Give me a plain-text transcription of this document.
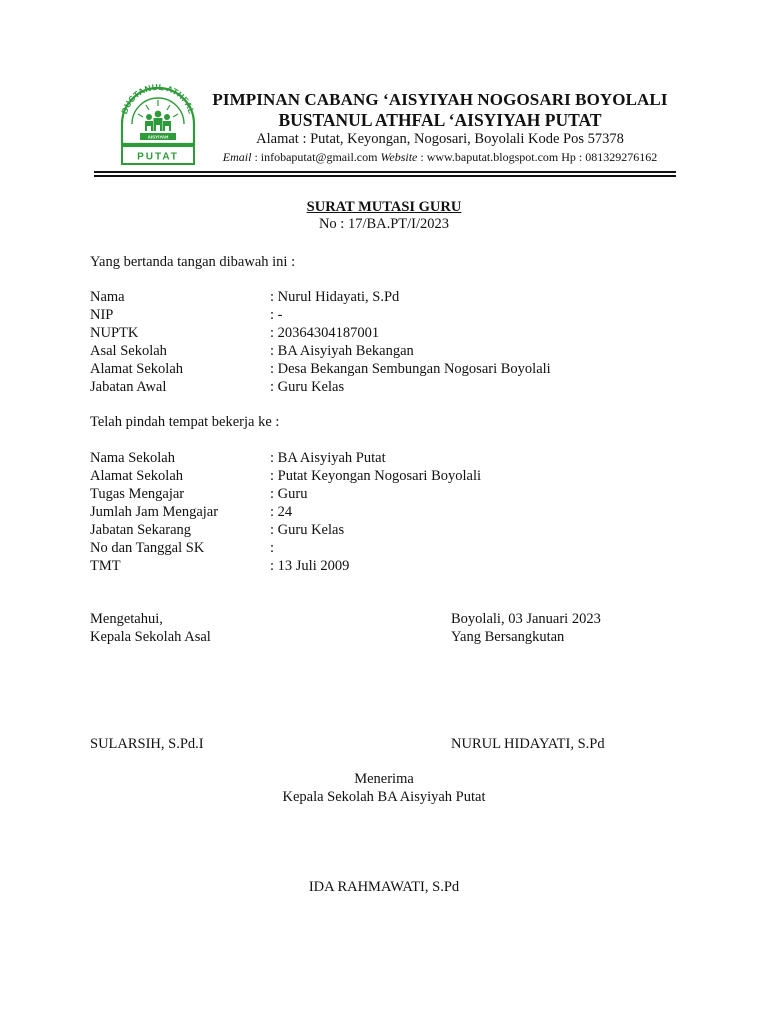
BUSTANUL ATHFAL
AISYIYAH
PUTAT
PIMPINAN CABANG ‘AISYIYAH NOGOSARI BOYOLALI
BUSTANUL ATHFAL ‘AISYIYAH PUTAT
Alamat : Putat, Keyongan, Nogosari, Boyolali Kode Pos 57378
Email : infobaputat@gmail.com Website : www.baputat.blogspot.com Hp : 081329276162
SURAT MUTASI GURU
No : 17/BA.PT/I/2023
Yang bertanda tangan dibawah ini :
Nama	: Nurul Hidayati, S.Pd
NIP	: -
NUPTK	: 20364304187001
Asal Sekolah	: BA Aisyiyah Bekangan
Alamat Sekolah	: Desa Bekangan Sembungan Nogosari Boyolali
Jabatan Awal	: Guru Kelas
Telah pindah tempat bekerja ke :
Nama Sekolah	: BA Aisyiyah Putat
Alamat Sekolah	: Putat Keyongan Nogosari Boyolali
Tugas Mengajar	: Guru
Jumlah Jam Mengajar	: 24
Jabatan Sekarang	: Guru Kelas
No dan Tanggal SK	:
TMT	: 13 Juli 2009
Mengetahui,
Kepala Sekolah Asal
Boyolali, 03 Januari 2023
Yang Bersangkutan
SULARSIH, S.Pd.I	NURUL HIDAYATI, S.Pd
Menerima
Kepala Sekolah BA Aisyiyah Putat
IDA RAHMAWATI, S.Pd
